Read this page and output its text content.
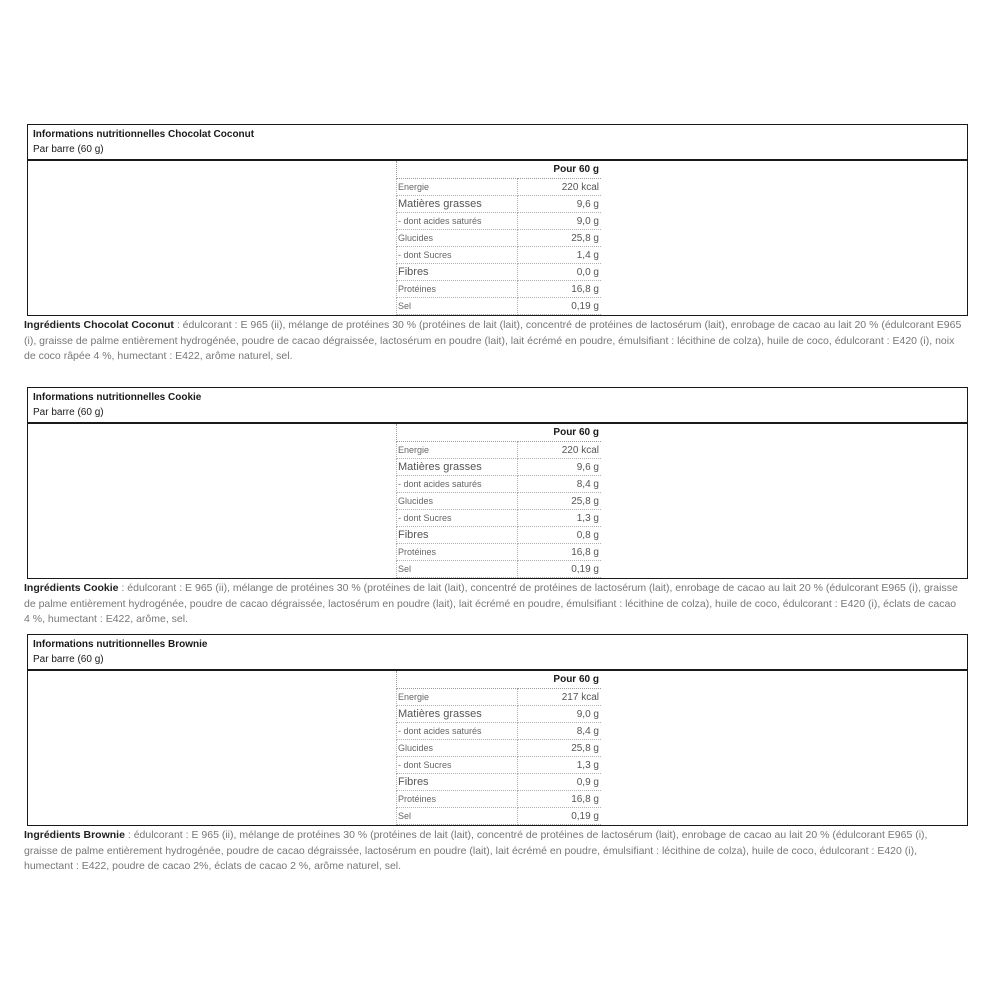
Informations nutritionnelles Chocolat Coconut
Par barre (60 g)
	Pour 60 g
Energie	220 kcal
Matières grasses	9,6 g
- dont acides saturés	9,0 g
Glucides	25,8 g
- dont Sucres	1,4 g
Fibres	0,0 g
Protéines	16,8 g
Sel	0,19 g

Ingrédients Chocolat Coconut : édulcorant : E 965 (ii), mélange de protéines 30 % (protéines de lait (lait), concentré de protéines de lactosérum (lait), enrobage de cacao au lait 20 % (édulcorant E965 (i), graisse de palme entièrement hydrogénée, poudre de cacao dégraissée, lactosérum en poudre (lait), lait écrémé en poudre, émulsifiant : lécithine de colza), huile de coco, édulcorant : E420 (i), noix de coco râpée 4 %, humectant : E422, arôme naturel, sel.

Informations nutritionnelles Cookie
Par barre (60 g)
	Pour 60 g
Energie	220 kcal
Matières grasses	9,6 g
- dont acides saturés	8,4 g
Glucides	25,8 g
- dont Sucres	1,3 g
Fibres	0,8 g
Protéines	16,8 g
Sel	0,19 g

Ingrédients Cookie : édulcorant : E 965 (ii), mélange de protéines 30 % (protéines de lait (lait), concentré de protéines de lactosérum (lait), enrobage de cacao au lait 20 % (édulcorant E965 (i), graisse de palme entièrement hydrogénée, poudre de cacao dégraissée, lactosérum en poudre (lait), lait écrémé en poudre, émulsifiant : lécithine de colza), huile de coco, édulcorant : E420 (i), éclats de cacao 4 %, humectant : E422, arôme, sel.

Informations nutritionnelles Brownie
Par barre (60 g)
	Pour 60 g
Energie	217 kcal
Matières grasses	9,0 g
- dont acides saturés	8,4 g
Glucides	25,8 g
- dont Sucres	1,3 g
Fibres	0,9 g
Protéines	16,8 g
Sel	0,19 g

Ingrédients Brownie : édulcorant : E 965 (ii), mélange de protéines 30 % (protéines de lait (lait), concentré de protéines de lactosérum (lait), enrobage de cacao au lait 20 % (édulcorant E965 (i), graisse de palme entièrement hydrogénée, poudre de cacao dégraissée, lactosérum en poudre (lait), lait écrémé en poudre, émulsifiant : lécithine de colza), huile de coco, édulcorant : E420 (i), humectant : E422, poudre de cacao 2%, éclats de cacao 2 %, arôme naturel, sel.
